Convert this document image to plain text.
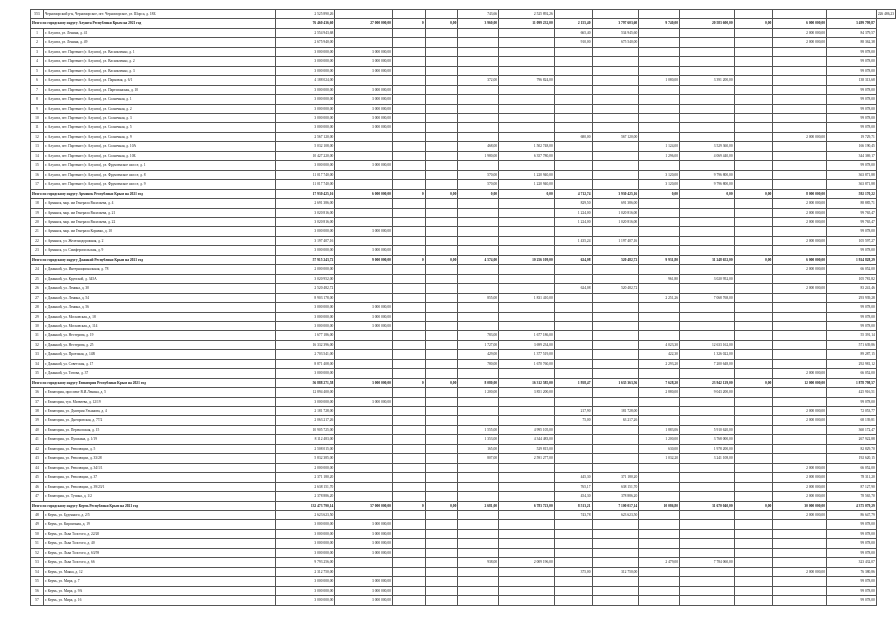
553	Черноморский р-н, Черноморское, пгт. Черноморское, ул. Шорса, д. 18Б	2 525 890,26				743,66	2 525 892,26								226 486,23
Итого по городскому округу Алушта Республики Крым на 2021 год		76 460 436,60	27 000 000,00	0	0,00	3 960,00	11 099 232,00	2 155,40	3 797 603,60	9 740,00	20 583 600,00	0,00	6 000 000,00	3 499 799,87	
1	г. Алушта, ул. Ленина, д. 41	2 554 943,68						665,40	534 945,60				2 000 000,00	84 379,57	
2	г. Алушта, ул. Ленина, д. 49	2 675 940,00						910,00	675 540,00				2 000 000,00	88 362,38	
3	г. Алушта, пгт. Партенит (г. Алушта), ул. Васильченко, д. 1	3 000 000,00	3 000 000,00											99 078,00	
4	г. Алушта, пгт. Партенит (г. Алушта), ул. Васильченко, д. 2	3 000 000,00	3 000 000,00											99 078,00	
5	г. Алушта, пгт. Партенит (г. Алушта), ул. Васильченко, д. 3	3 000 000,00	3 000 000,00											99 078,00	
6	г. Алушта, пгт. Партенит (г. Алушта), ул. Парковая, д. 6/1	4 188 024,00				372,00	796 824,00			1 080,00	3 391 200,00			138 313,68	
7	г. Алушта, пгт. Партенит (г. Алушта), ул. Партизанская, д. 10	3 000 000,00	3 000 000,00											99 078,00	
8	г. Алушта, пгт. Партенит (г. Алушта), ул. Солнечная, д. 1	3 000 000,00	3 000 000,00											99 078,00	
9	г. Алушта, пгт. Партенит (г. Алушта), ул. Солнечная, д. 2	3 000 000,00	3 000 000,00											99 078,00	
10	г. Алушта, пгт. Партенит (г. Алушта), ул. Солнечная, д. 3	3 000 000,00	3 000 000,00											99 078,00	
11	г. Алушта, пгт. Партенит (г. Алушта), ул. Солнечная, д. 5	3 000 000,00	3 000 000,00											99 078,00	
12	г. Алушта, пгт. Партенит (г. Алушта), ул. Солнечная, д. 9	2 567 120,00						680,00	567 120,00				2 000 000,00	19 729,71	
13	г. Алушта, пгт. Партенит (г. Алушта), ул. Солнечная, д. 10А	5 032 108,00				468,00	1 502 748,00			1 124,00	3 529 360,00			166 190,45	
14	г. Алушта, пгт. Партенит (г. Алушта), ул. Солнечная, д. 10Б	10 427 220,00				1 980,00	6 357 780,00			1 296,00	4 069 440,00			344 369,17	
15	г. Алушта, пгт. Партенит (г. Алушта), ул. Фрунзенское шоссе, д. 1	3 000 000,00	3 000 000,00											99 078,00	
16	г. Алушта, пгт. Партенит (г. Алушта), ул. Фрунзенское шоссе, д. 8	11 017 740,00				570,00	1 220 940,00			3 120,00	9 796 800,00			363 871,88	
17	г. Алушта, пгт. Партенит (г. Алушта), ул. Фрунзенское шоссе, д. 9	11 017 740,00				570,00	1 220 940,00			3 120,00	9 796 800,00			363 871,88	
Итого по городскому округу Армянск Республики Крым на 2021 год		17 930 425,16	6 000 000,00	0	0,00	0,00	0,00	4 712,74	3 930 425,16	0,00	0,00	0,00	8 000 000,00	592 170,22	
18	г. Армянск, мкр. им Генерала Васильева, д. 4	2 691 386,00						829,50	691 386,00				2 000 000,00	88 885,71	
19	г. Армянск, мкр. им Генерала Васильева, д. 21	3 020 816,00						1 224,00	1 020 816,00				2 000 000,00	99 765,47	
20	г. Армянск, мкр. им Генерала Васильева, д. 22	3 020 816,00						1 224,00	1 020 816,00				2 000 000,00	99 765,47	
21	г. Армянск, мкр. им Генерала Корявко, д. 10	3 000 000,00	3 000 000,00											99 078,00	
22	г. Армянск, ул. Железнодорожная, д. 2	3 197 407,16						1 435,24	1 197 407,16				2 000 000,00	105 597,27	
23	г. Армянск, ул. Симферопольская, д. 9	3 000 000,00	3 000 000,00											99 078,00	
Итого по городскому округу Джанкой Республики Крым на 2021 год		57 915 243,72	9 000 000,00	0	0,00	4 574,00	10 256 109,00	624,08	520 482,72	9 931,80	31 248 652,00	0,00	6 000 000,00	1 924 828,29	
24	г. Джанкой, ул. Интернациональная, д. 78	2 000 000,00											2 000 000,00	66 052,00	
25	г. Джанкой, ул. Крупской, д. 345А	3 020 952,00								961,80	3 020 952,00			105 781,82	
26	г. Джанкой, ул. Ленина, д. 30	2 520 482,72						624,08	520 482,72				2 000 000,00	83 241,46	
27	г. Джанкой, ул. Ленина, д. 54	8 903 178,00				855,00	1 831 410,00			2 251,26	7 068 768,00			293 939,28	
28	г. Джанкой, ул. Ленина, д. 56	3 000 000,00	3 000 000,00											99 078,00	
29	г. Джанкой, ул. Московская, д. 18	3 000 000,00	3 000 000,00											99 078,00	
30	г. Джанкой, ул. Московская, д. 114	3 000 000,00	3 000 000,00											99 078,00	
31	г. Джанкой, ул. Нестерова, д. 19	1 677 186,00				783,00	1 677 186,00							55 391,14	
32	г. Джанкой, ул. Нестерова, д. 25	16 332 396,00				1 727,00	3 699 234,00			4 023,30	12 633 162,00			571 639,86	
33	г. Джанкой, ул. Проезжая, д. 14В	2 703 541,00				429,00	1 377 519,00			422,30	1 326 022,00			89 287,15	
34	г. Джанкой, ул. Советская, д. 17	8 871 408,00				780,00	1 670 760,00			2 293,20	7 200 648,00			292 981,12	
35	г. Джанкой, ул. Титова, д. 37	3 000 000,00											2 000 000,00	66 052,00	
Итого по городскому округу Евпатория Республики Крым на 2021 год		56 888 271,58	3 000 000,00	0	0,00	8 080,00	16 312 585,00	1 958,47	1 635 363,56	7 628,20	23 942 129,00	0,00	12 000 000,00	1 878 798,57	
36	г. Евпатория, проспект В.И.Ленина, д. 5	12 894 400,00				1 200,00	3 851 200,00			2 880,00	9 043 200,00			425 916,51	
37	г. Евпатория, туп. Матвеева, д. 12/19	3 000 000,00	3 000 000,00											99 078,00	
38	г. Евпатория, ул. Дмитрия Ульянова, д. 4	2 181 728,00						217,90	181 728,00				2 000 000,00	72 053,77	
39	г. Евпатория, ул. Днепровская, д. 77/2	2 063 217,26						75,00	63 217,26				2 000 000,00	68 139,81	
40	г. Евпатория, ул. Перекопская, д. 15	10 905 725,00				1 555,00	4 995 105,00			1 883,06	5 910 620,00			360 172,47	
41	г. Евпатория, ул. Пушкина, д. 1/19	8 112 483,00				1 353,00	4 344 483,00			1 200,00	3 768 000,00			267 922,88	
42	г. Евпатория, ул. Революции, д. 5	2 508 015,00				165,00	529 815,00			630,00	1 978 200,00			82 829,70	
43	г. Евпатория, ул. Революции, д. 33/28	5 832 385,00				807,00	2 591 277,00			1 032,20	3 241 108,00			192 620,15	
44	г. Евпатория, ул. Революции, д. 34/1/1	2 000 000,00											2 000 000,00	66 052,00	
45	г. Евпатория, ул. Революции, д. 37	2 371 180,20						445,30	371 180,20				2 000 000,00	78 311,20	
46	г. Евпатория, ул. Революции, д. 39/23/1	2 638 151,70						765,17	638 151,70				2 000 000,00	87 127,90	
47	г. Евпатория, ул. Тучина, д. 1/2	2 378 886,20						454,30	378 886,20				2 000 000,00	78 565,70	
Итого по городскому округу Керчь Республики Крым на 2021 год		132 473 790,14	57 000 000,00	0	0,00	2 681,00	6 783 723,00	8 513,21	7 100 017,14	10 086,80	31 670 040,00	0,00	30 000 000,00	4 375 079,29	
48	г. Керчь, ул. Буденного, д. 2/5	2 623 623,50						743,78	623 623,50				2 000 000,00	86 647,79	
49	г. Керчь, ул. Кирпичная, д. 19	3 000 000,00	3 000 000,00											99 078,00	
50	г. Керчь, ул. Льва Толстого, д. 22/20	3 000 000,00	3 000 000,00											99 078,00	
51	г. Керчь, ул. Льва Толстого, д. 40	3 000 000,00	3 000 000,00											99 078,00	
52	г. Керчь, ул. Льва Толстого, д. 63/59	3 000 000,00	3 000 000,00											99 078,00	
53	г. Керчь, ул. Льва Толстого, д. 66	9 793 256,00				938,00	2 009 196,00			2 479,00	7 784 060,00			323 432,07	
54	г. Керчь, ул. Маяка, д. 12	2 312 750,00						375,00	312 750,00				2 000 000,00	76 380,86	
55	г. Керчь, ул. Мира, д. 7	3 000 000,00	3 000 000,00											99 078,00	
56	г. Керчь, ул. Мира, д. 9А	3 000 000,00	3 000 000,00											99 078,00	
57	г. Керчь, ул. Мира, д. 16	3 000 000,00	3 000 000,00											99 078,00	
